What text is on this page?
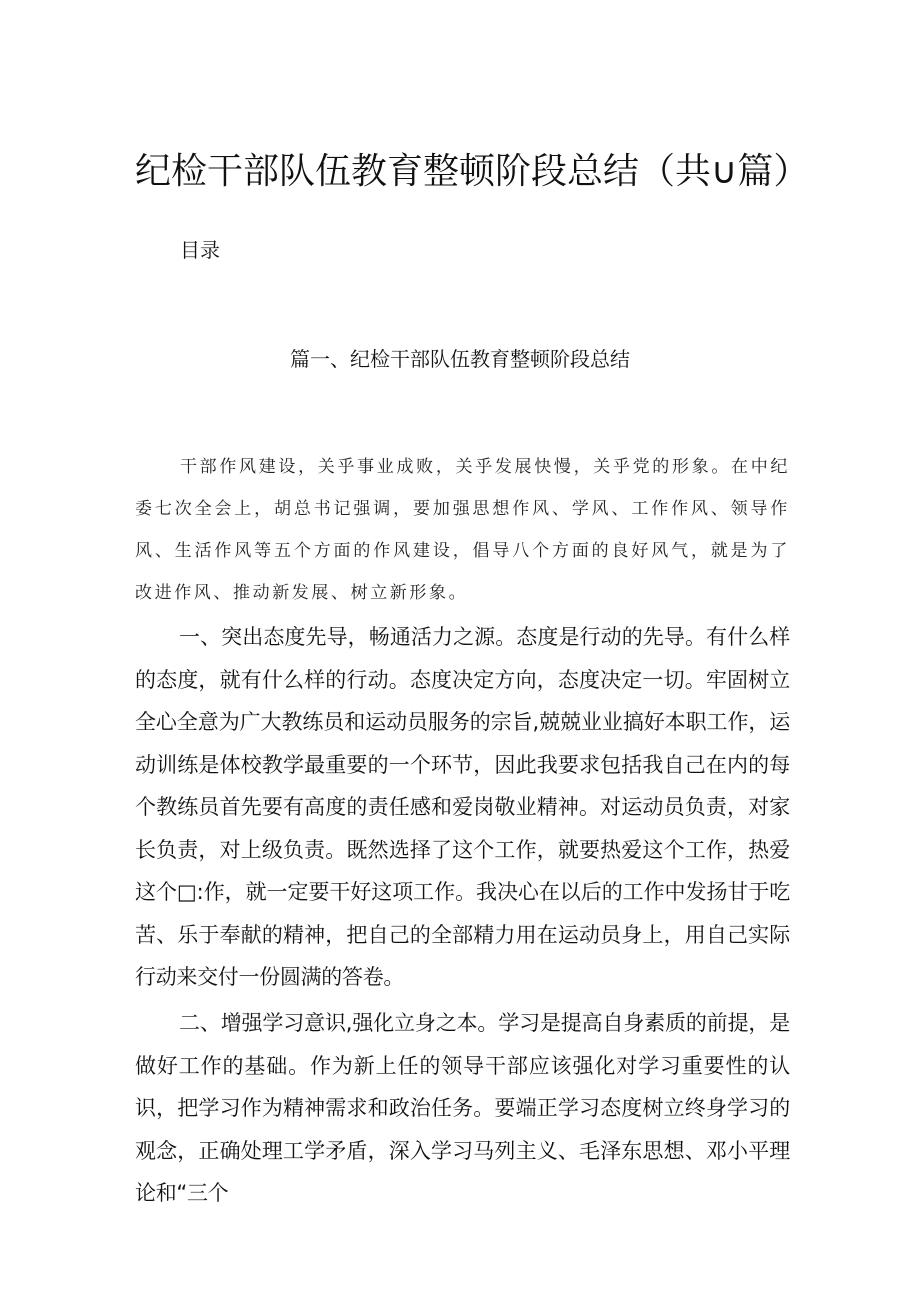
纪检干部队伍教育整顿阶段总结（共∪篇）
目录
篇一、纪检干部队伍教育整顿阶段总结

干部作风建设，关乎事业成败，关乎发展快慢，关乎党的形象。在中纪委七次全会上，胡总书记强调，要加强思想作风、学风、工作作风、领导作风、生活作风等五个方面的作风建设，倡导八个方面的良好风气，就是为了改进作风、推动新发展、树立新形象。

一、突出态度先导，畅通活力之源。态度是行动的先导。有什么样的态度，就有什么样的行动。态度决定方向，态度决定一切。牢固树立全心全意为广大教练员和运动员服务的宗旨,兢兢业业搞好本职工作，运动训练是体校教学最重要的一个环节，因此我要求包括我自己在内的每个教练员首先要有高度的责任感和爱岗敬业精神。对运动员负责，对家长负责，对上级负责。既然选择了这个工作，就要热爱这个工作，热爱这个□:作，就一定要干好这项工作。我决心在以后的工作中发扬甘于吃苦、乐于奉献的精神，把自己的全部精力用在运动员身上，用自己实际行动来交付一份圆满的答卷。

二、增强学习意识,强化立身之本。学习是提高自身素质的前提，是做好工作的基础。作为新上任的领导干部应该强化对学习重要性的认识，把学习作为精神需求和政治任务。要端正学习态度树立终身学习的观念，正确处理工学矛盾，深入学习马列主义、毛泽东思想、邓小平理论和“三个
